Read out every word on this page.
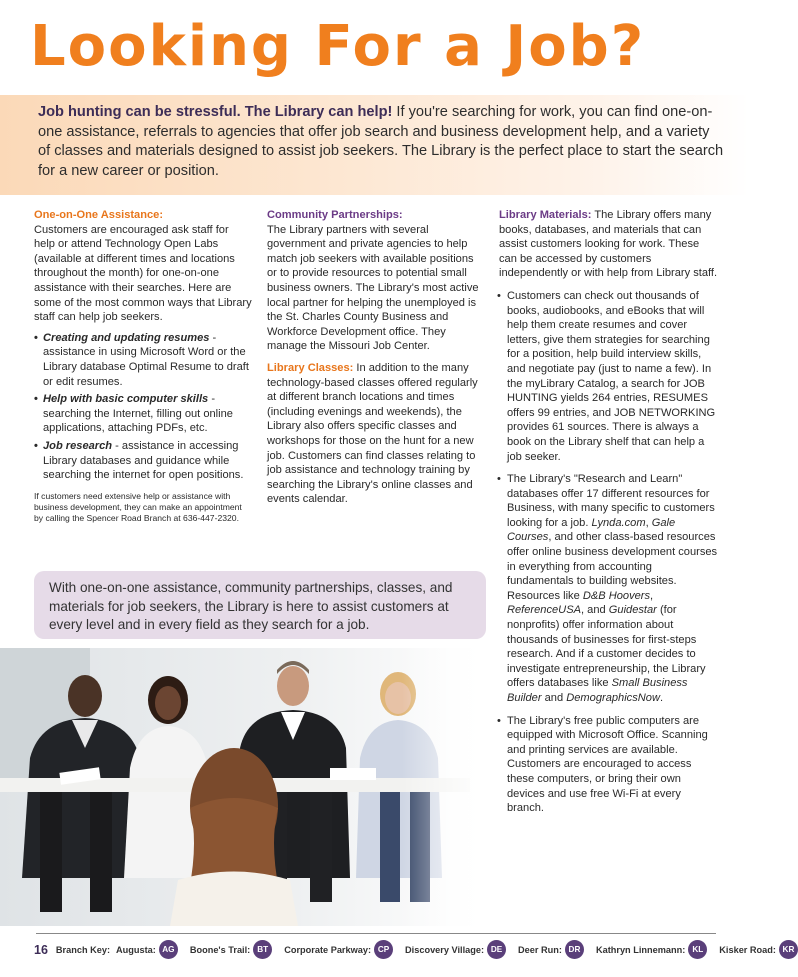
Looking For a Job?

Job hunting can be stressful. The Library can help! If you're searching for work, you can find one-on-one assistance, referrals to agencies that offer job search and business development help, and a variety of classes and materials designed to assist job seekers. The Library is the perfect place to start the search for a new career or position.

One-on-One Assistance:
Customers are encouraged ask staff for help or attend Technology Open Labs (available at different times and locations throughout the month) for one-on-one assistance with their searches. Here are some of the most common ways that Library staff can help job seekers.

• Creating and updating resumes - assistance in using Microsoft Word or the Library database Optimal Resume to draft or edit resumes.
• Help with basic computer skills - searching the Internet, filling out online applications, attaching PDFs, etc.
• Job research - assistance in accessing Library databases and guidance while searching the internet for open positions.
If customers need extensive help or assistance with business development, they can make an appointment by calling the Spencer Road Branch at 636-447-2320.

Community Partnerships:
The Library partners with several government and private agencies to help match job seekers with available positions or to provide resources to potential small business owners. The Library's most active local partner for helping the unemployed is the St. Charles County Business and Workforce Development office. They manage the Missouri Job Center.

Library Classes: In addition to the many technology-based classes offered regularly at different branch locations and times (including evenings and weekends), the Library also offers specific classes and workshops for those on the hunt for a new job. Customers can find classes relating to job assistance and technology training by searching the Library's online classes and events calendar.

Library Materials: The Library offers many books, databases, and materials that can assist customers looking for work. These can be accessed by customers independently or with help from Library staff.

• Customers can check out thousands of books, audiobooks, and eBooks that will help them create resumes and cover letters, give them strategies for searching for a position, help build interview skills, and negotiate pay (just to name a few). In the myLibrary Catalog, a search for JOB HUNTING yields 264 entries, RESUMES offers 99 entries, and JOB NETWORKING provides 61 sources. There is always a book on the Library shelf that can help a job seeker.
• The Library's "Research and Learn" databases offer 17 different resources for Business, with many specific to customers looking for a job. Lynda.com, Gale Courses, and other class-based resources offer online business development courses in everything from accounting fundamentals to building websites. Resources like D&B Hoovers, ReferenceUSA, and Guidestar (for nonprofits) offer information about thousands of businesses for first-steps research. And if a customer decides to investigate entrepreneurship, the Library offers databases like Small Business Builder and DemographicsNow.
• The Library's free public computers are equipped with Microsoft Office. Scanning and printing services are available. Customers are encouraged to access these computers, or bring their own devices and use free Wi-Fi at every branch.

With one-on-one assistance, community partnerships, classes, and materials for job seekers, the Library is here to assist customers at every level and in every field as they search for a job.

16 Branch Key: Augusta: AG	Boone's Trail: BT	Corporate Parkway: CP	Discovery Village: DE	Deer Run: DR	Kathryn Linnemann: KL	Kisker Road: KR
